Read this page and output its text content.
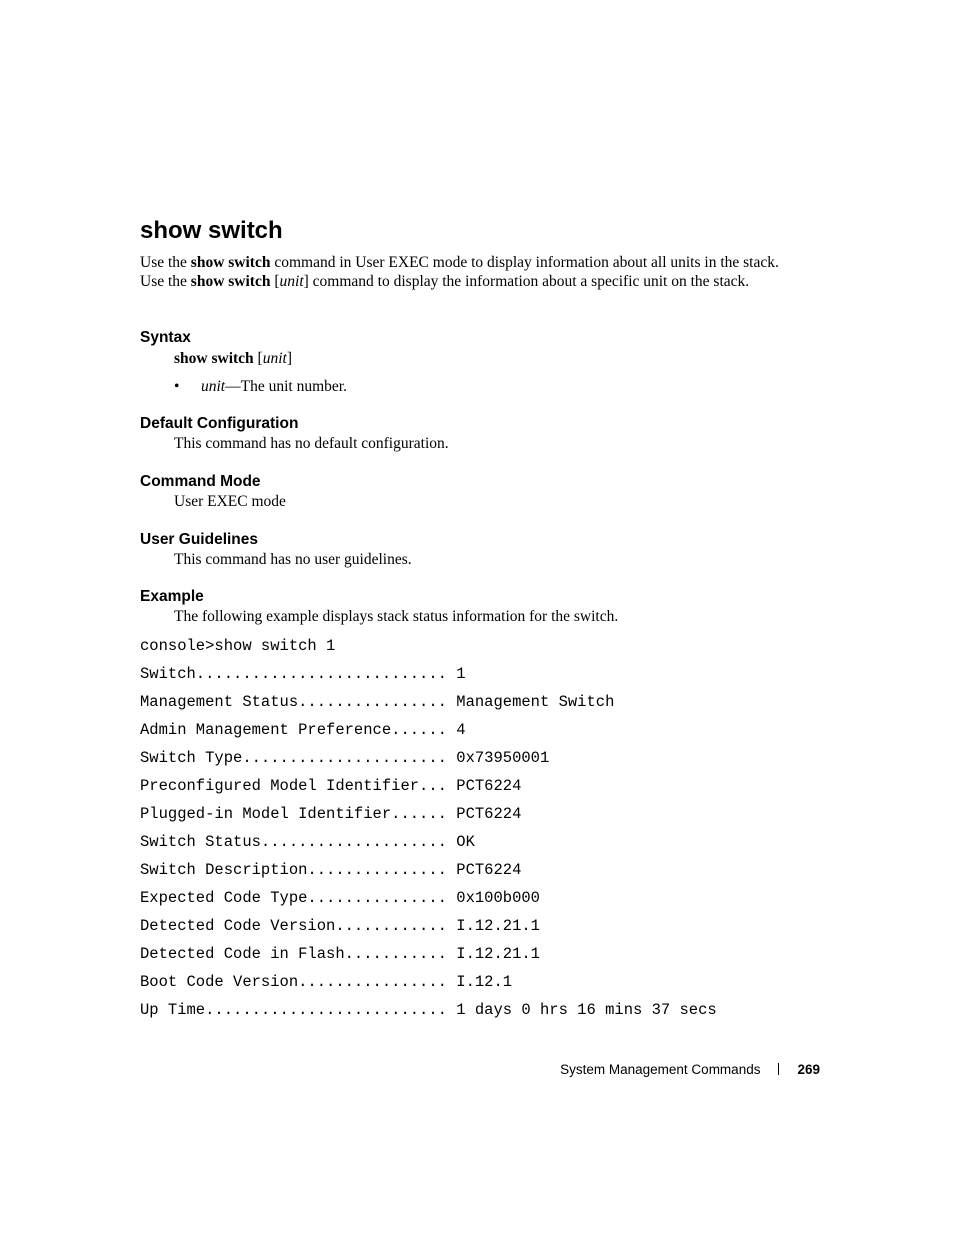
show switch

Use the show switch command in User EXEC mode to display information about all units in the stack. Use the show switch [unit] command to display the information about a specific unit on the stack.

Syntax

show switch [unit]

• unit—The unit number.
Default Configuration

This command has no default configuration.

Command Mode

User EXEC mode

User Guidelines

This command has no user guidelines.

Example

The following example displays stack status information for the switch.

console>show switch 1
Switch........................... 1
Management Status................ Management Switch
Admin Management Preference...... 4
Switch Type...................... 0x73950001
Preconfigured Model Identifier... PCT6224
Plugged-in Model Identifier...... PCT6224
Switch Status.................... OK
Switch Description............... PCT6224
Expected Code Type............... 0x100b000
Detected Code Version............ I.12.21.1
Detected Code in Flash........... I.12.21.1
Boot Code Version................ I.12.1
Up Time.......................... 1 days 0 hrs 16 mins 37 secs
System Management Commands	269
